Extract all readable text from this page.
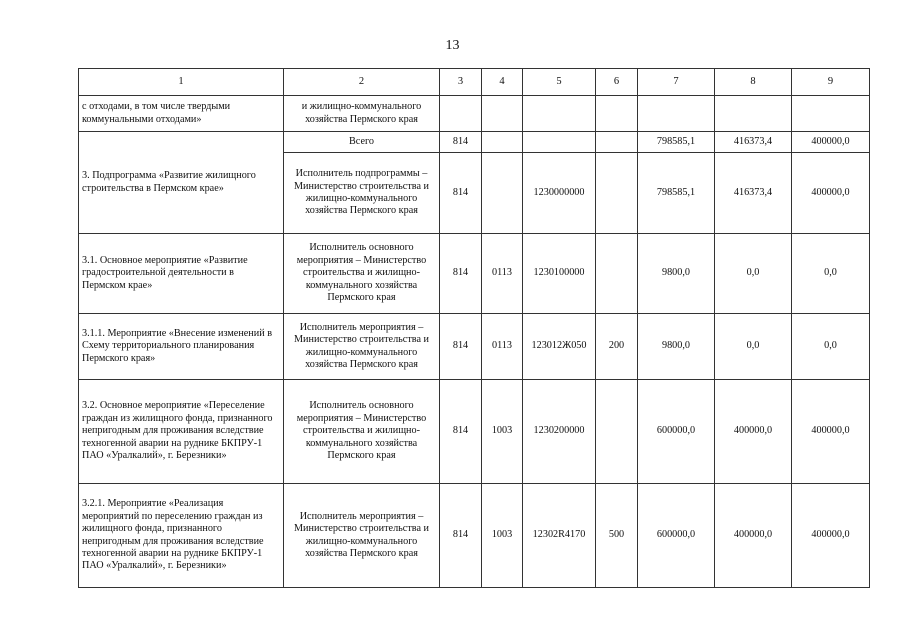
13
1	2	3	4	5	6	7	8	9
с отходами, в том числе твердыми коммунальными отходами»	и жилищно-коммунального хозяйства Пермского края							
3. Подпрограмма «Развитие жилищного строительства в Пермском крае»	Всего	814				798585,1	416373,4	400000,0
	Исполнитель подпрограммы – Министерство строительства и жилищно-коммунального хозяйства Пермского края	814		1230000000		798585,1	416373,4	400000,0
3.1. Основное мероприятие «Развитие градостроительной деятельности в Пермском крае»	Исполнитель основного мероприятия – Министерство строительства и жилищно-коммунального хозяйства Пермского края	814	0113	1230100000		9800,0	0,0	0,0
3.1.1. Мероприятие «Внесение изменений в Схему территориального планирования Пермского края»	Исполнитель мероприятия – Министерство строительства и жилищно-коммунального хозяйства Пермского края	814	0113	123012Ж050	200	9800,0	0,0	0,0
3.2. Основное мероприятие «Переселение граждан из жилищного фонда, признанного непригодным для проживания вследствие техногенной аварии на руднике БКПРУ-1 ПАО «Уралкалий», г. Березники»	Исполнитель основного мероприятия – Министерство строительства и жилищно-коммунального хозяйства Пермского края	814	1003	1230200000		600000,0	400000,0	400000,0
3.2.1. Мероприятие «Реализация мероприятий по переселению граждан из жилищного фонда, признанного непригодным для проживания вследствие техногенной аварии на руднике БКПРУ-1 ПАО «Уралкалий», г. Березники»	Исполнитель мероприятия – Министерство строительства и жилищно-коммунального хозяйства Пермского края	814	1003	12302R4170	500	600000,0	400000,0	400000,0
